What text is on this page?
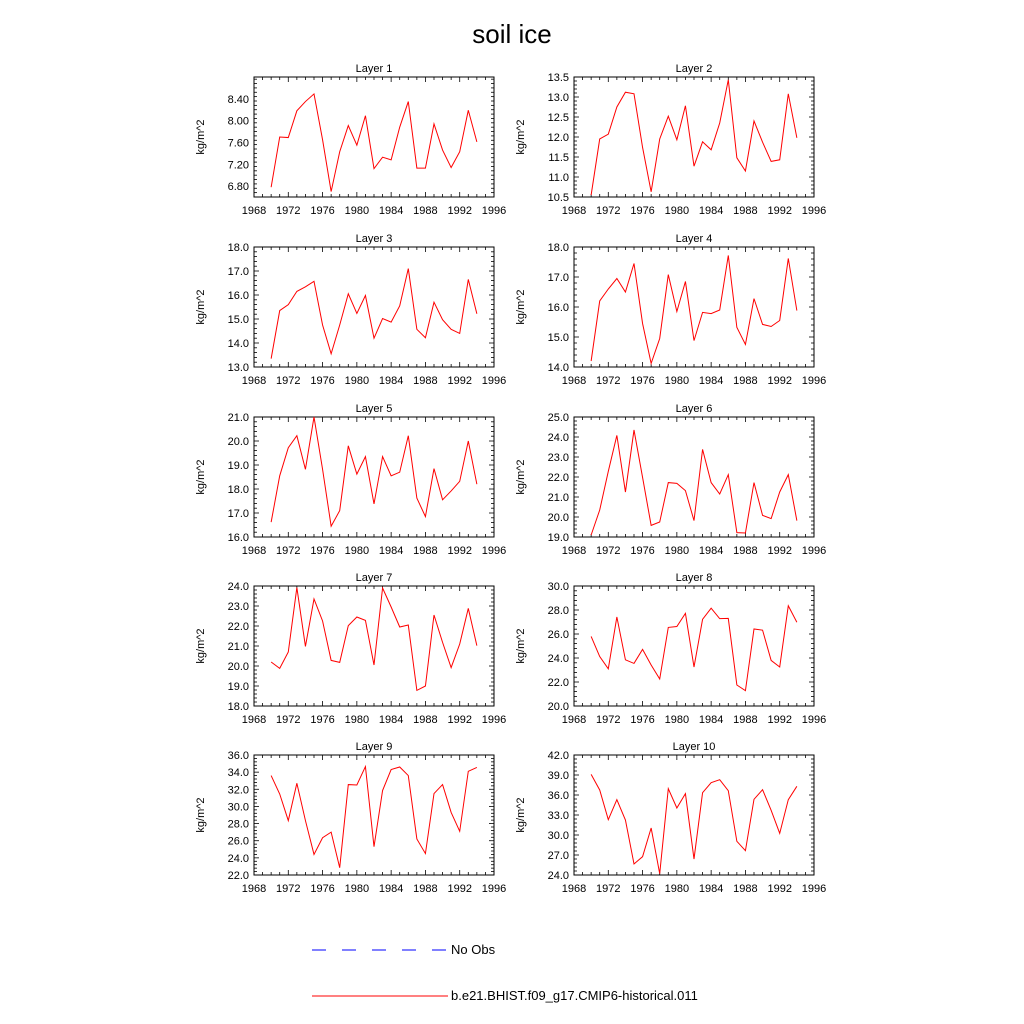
soil ice
Layer 1
kg/m^2
1968 1972 1976 1980 1984 1988 1992 1996
6.80
7.20
7.60
8.00
8.40
Layer 2
kg/m^2
1968 1972 1976 1980 1984 1988 1992 1996
10.5
11.0
11.5
12.0
12.5
13.0
13.5
Layer 3
kg/m^2
1968 1972 1976 1980 1984 1988 1992 1996
13.0
14.0
15.0
16.0
17.0
18.0
Layer 4
kg/m^2
1968 1972 1976 1980 1984 1988 1992 1996
14.0
15.0
16.0
17.0
18.0
Layer 5
kg/m^2
1968 1972 1976 1980 1984 1988 1992 1996
16.0
17.0
18.0
19.0
20.0
21.0
Layer 6
kg/m^2
1968 1972 1976 1980 1984 1988 1992 1996
19.0
20.0
21.0
22.0
23.0
24.0
25.0
Layer 7
kg/m^2
1968 1972 1976 1980 1984 1988 1992 1996
18.0
19.0
20.0
21.0
22.0
23.0
24.0
Layer 8
kg/m^2
1968 1972 1976 1980 1984 1988 1992 1996
20.0
22.0
24.0
26.0
28.0
30.0
Layer 9
kg/m^2
1968 1972 1976 1980 1984 1988 1992 1996
22.0
24.0
26.0
28.0
30.0
32.0
34.0
36.0
Layer 10
kg/m^2
1968 1972 1976 1980 1984 1988 1992 1996
24.0
27.0
30.0
33.0
36.0
39.0
42.0
No Obs
b.e21.BHIST.f09_g17.CMIP6-historical.011
